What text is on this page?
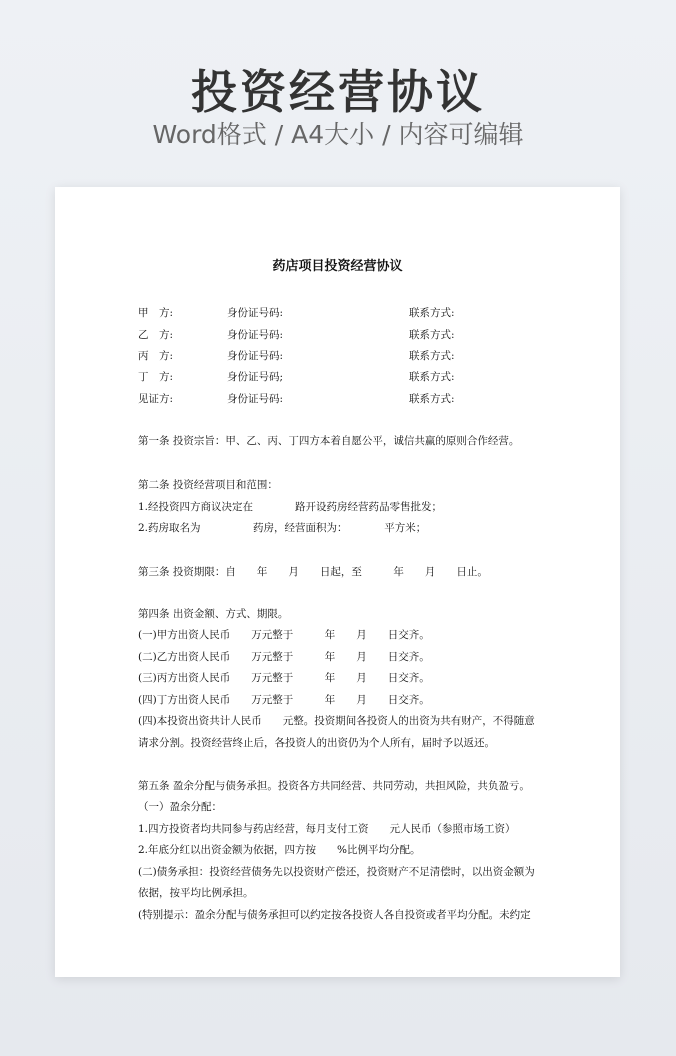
投资经营协议
Word格式 / A4大小 / 内容可编辑
药店项目投资经营协议
甲　方:	身份证号码:	联系方式:
乙　方:	身份证号码:	联系方式:
丙　方:	身份证号码:	联系方式:
丁　方:	身份证号码;	联系方式:
见证方:	身份证号码:	联系方式:
第一条 投资宗旨：甲、乙、丙、丁四方本着自愿公平，诚信共赢的原则合作经营。
第二条 投资经营项目和范围：
1.经投资四方商议决定在　　　　路开设药房经营药品零售批发；
2.药房取名为　　　　　药房，经营面积为：　　　　平方米；
第三条 投资期限：自　　年　　月　　日起，至　　　年　　月　　日止。
第四条 出资金额、方式、期限。
(一)甲方出资人民币　　万元整于　　　年　　月　　日交齐。
(二)乙方出资人民币　　万元整于　　　年　　月　　日交齐。
(三)丙方出资人民币　　万元整于　　　年　　月　　日交齐。
(四)丁方出资人民币　　万元整于　　　年　　月　　日交齐。
(四)本投资出资共计人民币　　元整。投资期间各投资人的出资为共有财产，不得随意
请求分割。投资经营终止后，各投资人的出资仍为个人所有，届时予以返还。
第五条 盈余分配与债务承担。投资各方共同经营、共同劳动，共担风险，共负盈亏。
（一）盈余分配：
1.四方投资者均共同参与药店经营，每月支付工资　　元人民币（参照市场工资）
2.年底分红以出资金额为依据，四方按　　%比例平均分配。
(二)债务承担：投资经营债务先以投资财产偿还，投资财产不足清偿时，以出资金额为
依据，按平均比例承担。
(特别提示：盈余分配与债务承担可以约定按各投资人各自投资或者平均分配。未约定
